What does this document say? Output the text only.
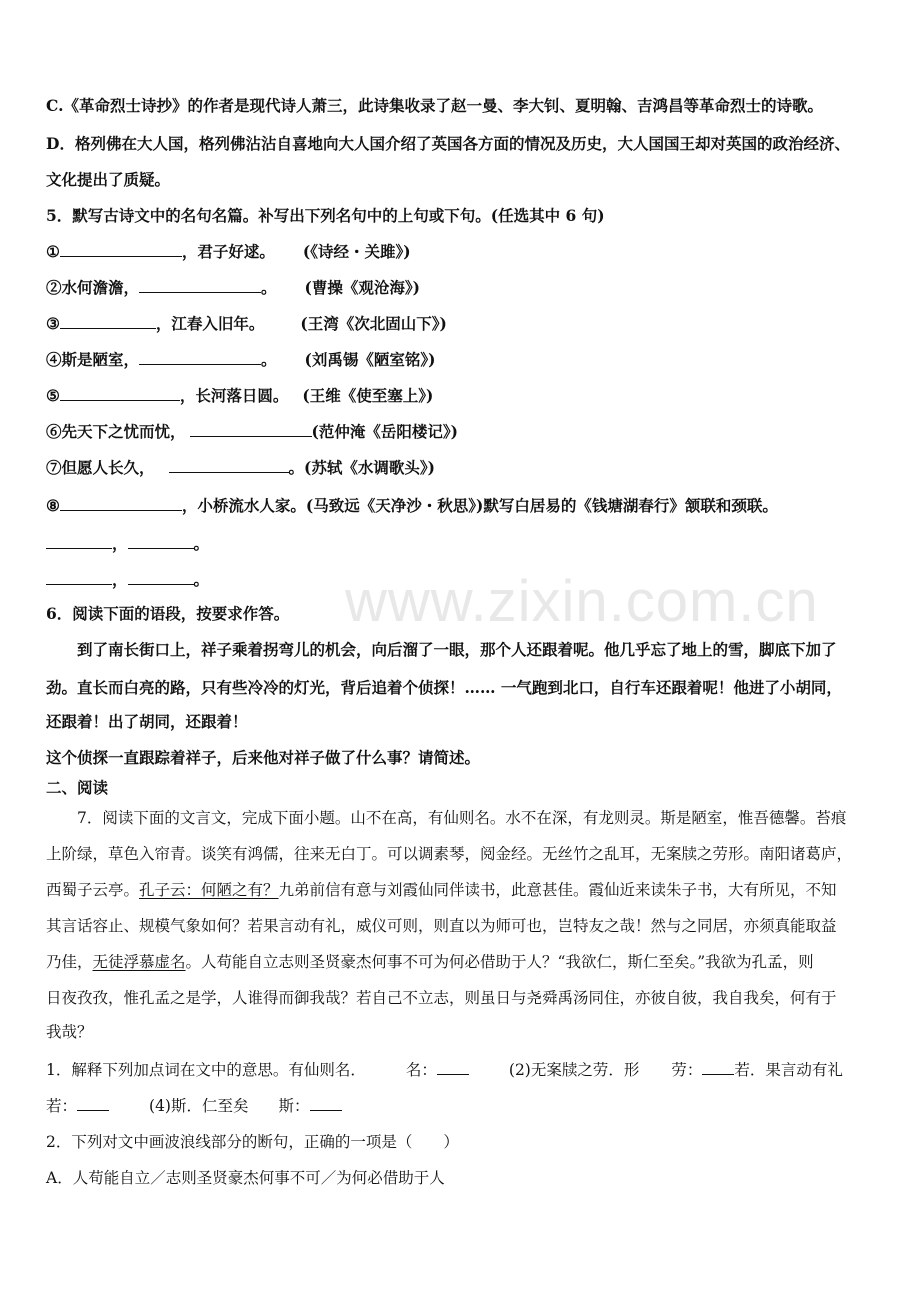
www.zixin.com.cn
C.《革命烈士诗抄》的作者是现代诗人萧三，此诗集收录了赵一曼、李大钊、夏明翰、吉鸿昌等革命烈士的诗歌。
D．格列佛在大人国，格列佛沾沾自喜地向大人国介绍了英国各方面的情况及历史，大人国国王却对英国的政治经济、
文化提出了质疑。
5．默写古诗文中的名句名篇。补写出下列名句中的上句或下句。(任选其中 6 句)
①	，君子好逑。 (《诗经・关雎》)
②水何澹澹，	。 (曹操《观沧海》)
③	，江春入旧年。 (王湾《次北固山下》)
④斯是陋室，	。 (刘禹锡《陋室铭》)
⑤	，长河落日圆。 (王维《使至塞上》)
⑥先天下之忧而忧，	(范仲淹《岳阳楼记》)
⑦但愿人长久，	。(苏轼《水调歌头》)
⑧	，小桥流水人家。(马致远《天净沙・秋思》)默写白居易的《钱塘湖春行》颔联和颈联。
，	。
，	。
6．阅读下面的语段，按要求作答。
到了南长街口上，祥子乘着拐弯儿的机会，向后溜了一眼，那个人还跟着呢。他几乎忘了地上的雪，脚底下加了
劲。直长而白亮的路，只有些冷冷的灯光，背后追着个侦探！…… 一气跑到北口，自行车还跟着呢！他进了小胡同，
还跟着！出了胡同，还跟着！
这个侦探一直跟踪着祥子，后来他对祥子做了什么事？请简述。
二、阅读
7．阅读下面的文言文，完成下面小题。山不在高，有仙则名。水不在深，有龙则灵。斯是陋室，惟吾德馨。苔痕
上阶绿，草色入帘青。谈笑有鸿儒，往来无白丁。可以调素琴，阅金经。无丝竹之乱耳，无案牍之劳形。南阳诸葛庐，
西蜀子云亭。孔子云：何陋之有？九弟前信有意与刘霞仙同伴读书，此意甚佳。霞仙近来读朱子书，大有所见，不知
其言话容止、规模气象如何？若果言动有礼，威仪可则，则直以为师可也，岂特友之哉！然与之同居，亦须真能取益
乃佳，无徒浮慕虚名。人苟能自立志则圣贤豪杰何事不可为何必借助于人？“我欲仁，斯仁至矣。”我欲为孔孟，则
日夜孜孜，惟孔孟之是学，人谁得而御我哉？若自己不立志，则虽日与尧舜禹汤同住，亦彼自彼，我自我矣，何有于
我哉？
1．解释下列加点词在文中的意思。有仙则名．	名：	(2)无案牍之劳．形 劳： 若．果言动有礼
若：	(4)斯．仁至矣 斯：
2．下列对文中画波浪线部分的断句，正确的一项是（　　）
A．人苟能自立／志则圣贤豪杰何事不可／为何必借助于人
